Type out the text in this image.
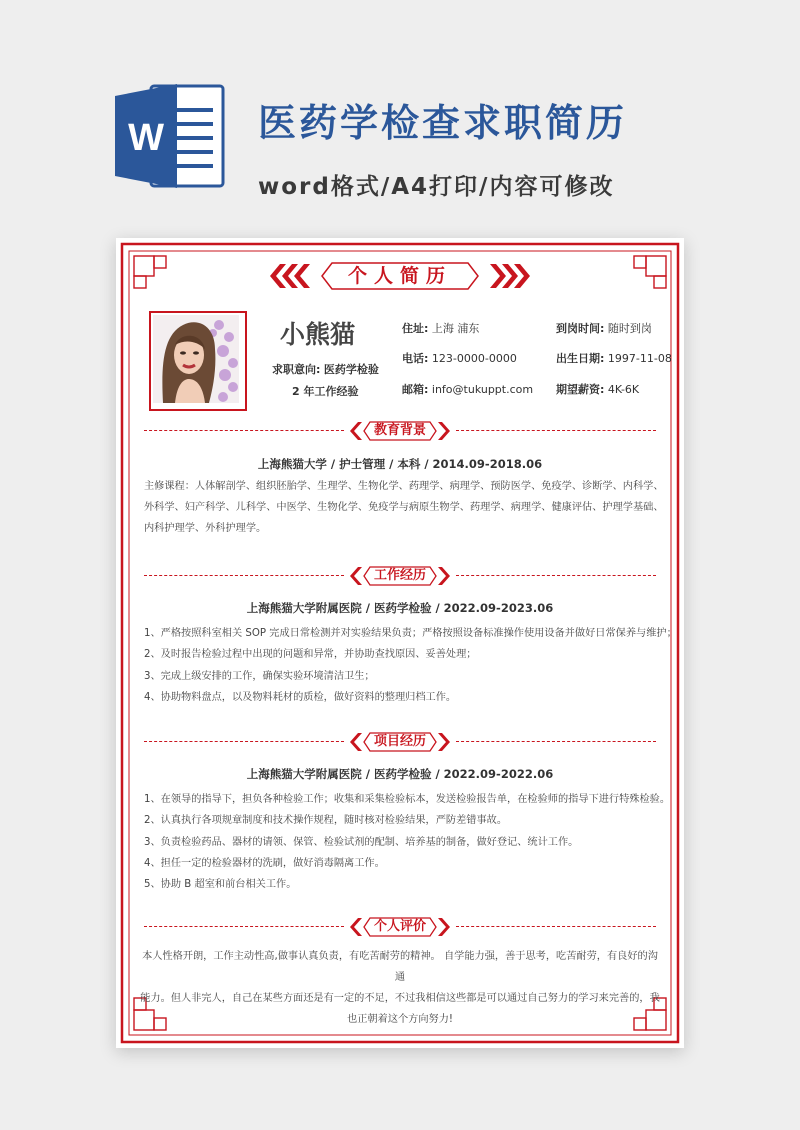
W 医药学检查求职简历
word格式/A4打印/内容可修改
个人简历
小熊猫
求职意向: 医药学检验
2 年工作经验
住址: 上海 浦东
电话: 123-0000-0000
邮箱: info@tukuppt.com
到岗时间: 随时到岗
出生日期: 1997-11-08
期望薪资: 4K-6K
教育背景
上海熊猫大学 / 护士管理 / 本科 / 2014.09-2018.06
主修课程：人体解剖学、组织胚胎学、生理学、生物化学、药理学、病理学、预防医学、免疫学、诊断学、内科学、
外科学、妇产科学、儿科学、中医学、生物化学、免疫学与病原生物学、药理学、病理学、健康评估、护理学基础、
内科护理学、外科护理学。
工作经历
上海熊猫大学附属医院 / 医药学检验 / 2022.09-2023.06
1、严格按照科室相关 SOP 完成日常检测并对实验结果负责；严格按照设备标准操作使用设备并做好日常保养与维护；
2、及时报告检验过程中出现的问题和异常，并协助查找原因、妥善处理；
3、完成上级安排的工作，确保实验环境清洁卫生；
4、协助物料盘点，以及物料耗材的质检，做好资料的整理归档工作。
项目经历
上海熊猫大学附属医院 / 医药学检验 / 2022.09-2022.06
1、在领导的指导下，担负各种检验工作；收集和采集检验标本，发送检验报告单，在检验师的指导下进行特殊检验。
2、认真执行各项规章制度和技术操作规程，随时核对检验结果，严防差错事故。
3、负责检验药品、器材的请领、保管、检验试剂的配制、培养基的制备，做好登记、统计工作。
4、担任一定的检验器材的洗刷，做好消毒隔离工作。
5、协助 B 超室和前台相关工作。
个人评价
本人性格开朗，工作主动性高,做事认真负责，有吃苦耐劳的精神。 自学能力强，善于思考，吃苦耐劳，有良好的沟通
能力。但人非完人，自己在某些方面还是有一定的不足，不过我相信这些都是可以通过自己努力的学习来完善的，我
也正朝着这个方向努力!
